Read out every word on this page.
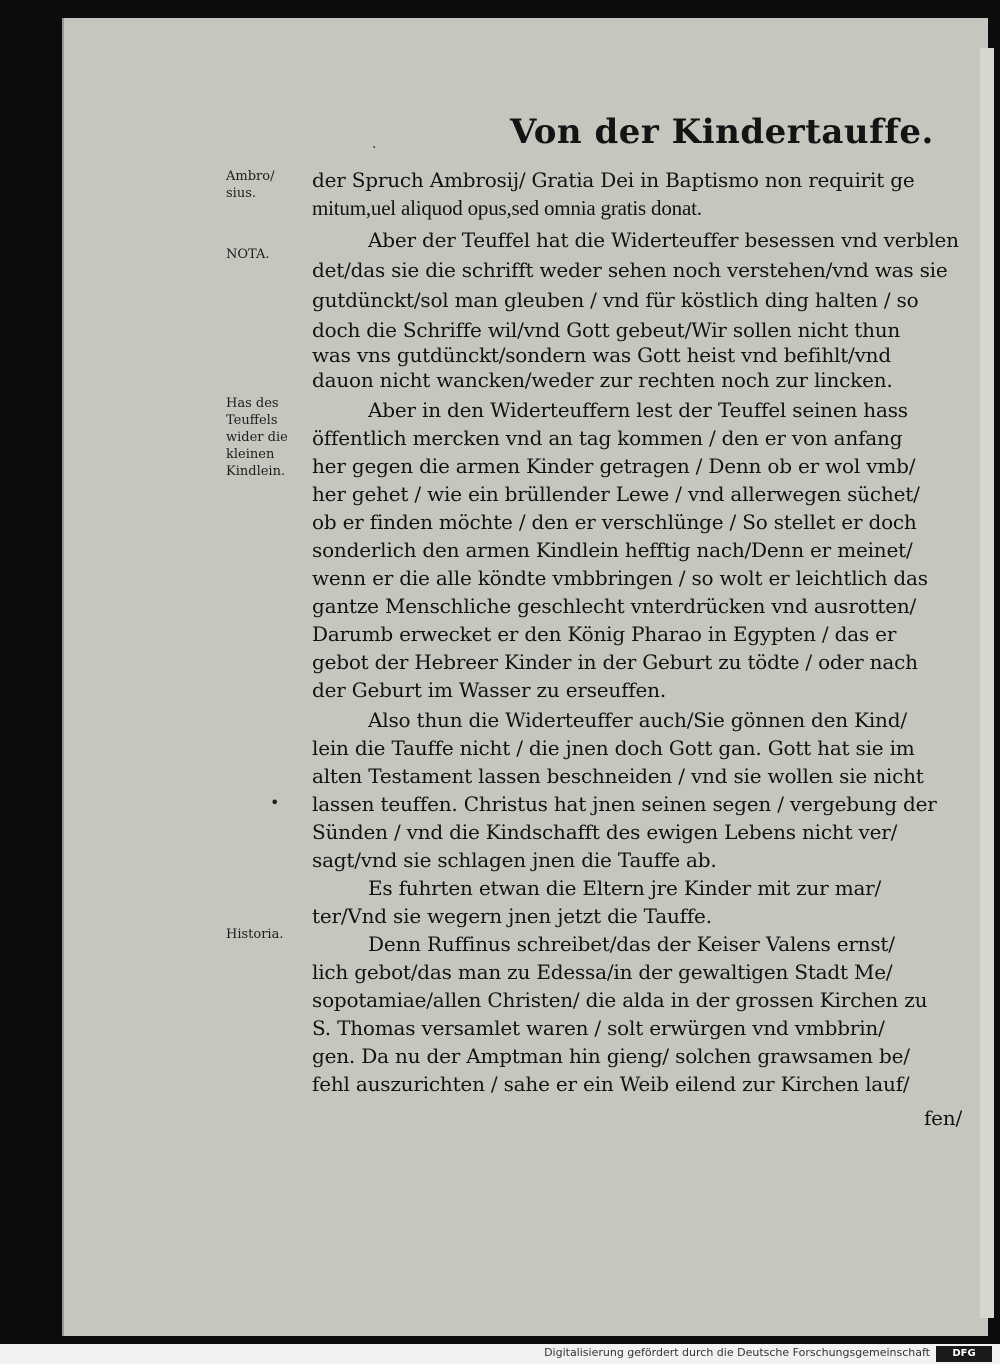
Von der Kindertauffe.
·
Ambro/
sius.
NOTA.
Has des
Teuffels
wider die
kleinen
Kindlein.
Historia.
•
der Spruch Ambrosij/ Gratia Dei in Baptismo non requirit ge
mitum,uel aliquod opus,sed omnia gratis donat.
Aber der Teuffel hat die Widerteuffer besessen vnd verblen
det/das sie die schrifft weder sehen noch verstehen/vnd was sie
gutdünckt/sol man gleuben / vnd für köstlich ding halten / so
doch die Schriffe wil/vnd Gott gebeut/Wir sollen nicht thun
was vns gutdünckt/sondern was Gott heist vnd befihlt/vnd
dauon nicht wancken/weder zur rechten noch zur lincken.
Aber in den Widerteuffern lest der Teuffel seinen hass
öffentlich mercken vnd an tag kommen / den er von anfang
her gegen die armen Kinder getragen / Denn ob er wol vmb/
her gehet / wie ein brüllender Lewe / vnd allerwegen süchet/
ob er finden möchte / den er verschlünge / So stellet er doch
sonderlich den armen Kindlein hefftig nach/Denn er meinet/
wenn er die alle köndte vmbbringen / so wolt er leichtlich das
gantze Menschliche geschlecht vnterdrücken vnd ausrotten/
Darumb erwecket er den König Pharao in Egypten / das er
gebot der Hebreer Kinder in der Geburt zu tödte / oder nach
der Geburt im Wasser zu erseuffen.
Also thun die Widerteuffer auch/Sie gönnen den Kind/
lein die Tauffe nicht / die jnen doch Gott gan. Gott hat sie im
alten Testament lassen beschneiden / vnd sie wollen sie nicht
lassen teuffen. Christus hat jnen seinen segen / vergebung der
Sünden / vnd die Kindschafft des ewigen Lebens nicht ver/
sagt/vnd sie schlagen jnen die Tauffe ab.
Es fuhrten etwan die Eltern jre Kinder mit zur mar/
ter/Vnd sie wegern jnen jetzt die Tauffe.
Denn Ruffinus schreibet/das der Keiser Valens ernst/
lich gebot/das man zu Edessa/in der gewaltigen Stadt Me/
sopotamiae/allen Christen/ die alda in der grossen Kirchen zu
S. Thomas versamlet waren / solt erwürgen vnd vmbbrin/
gen. Da nu der Amptman hin gieng/ solchen grawsamen be/
fehl auszurichten / sahe er ein Weib eilend zur Kirchen lauf/
fen/
Digitalisierung gefördert durch die Deutsche Forschungsgemeinschaft	DFG
